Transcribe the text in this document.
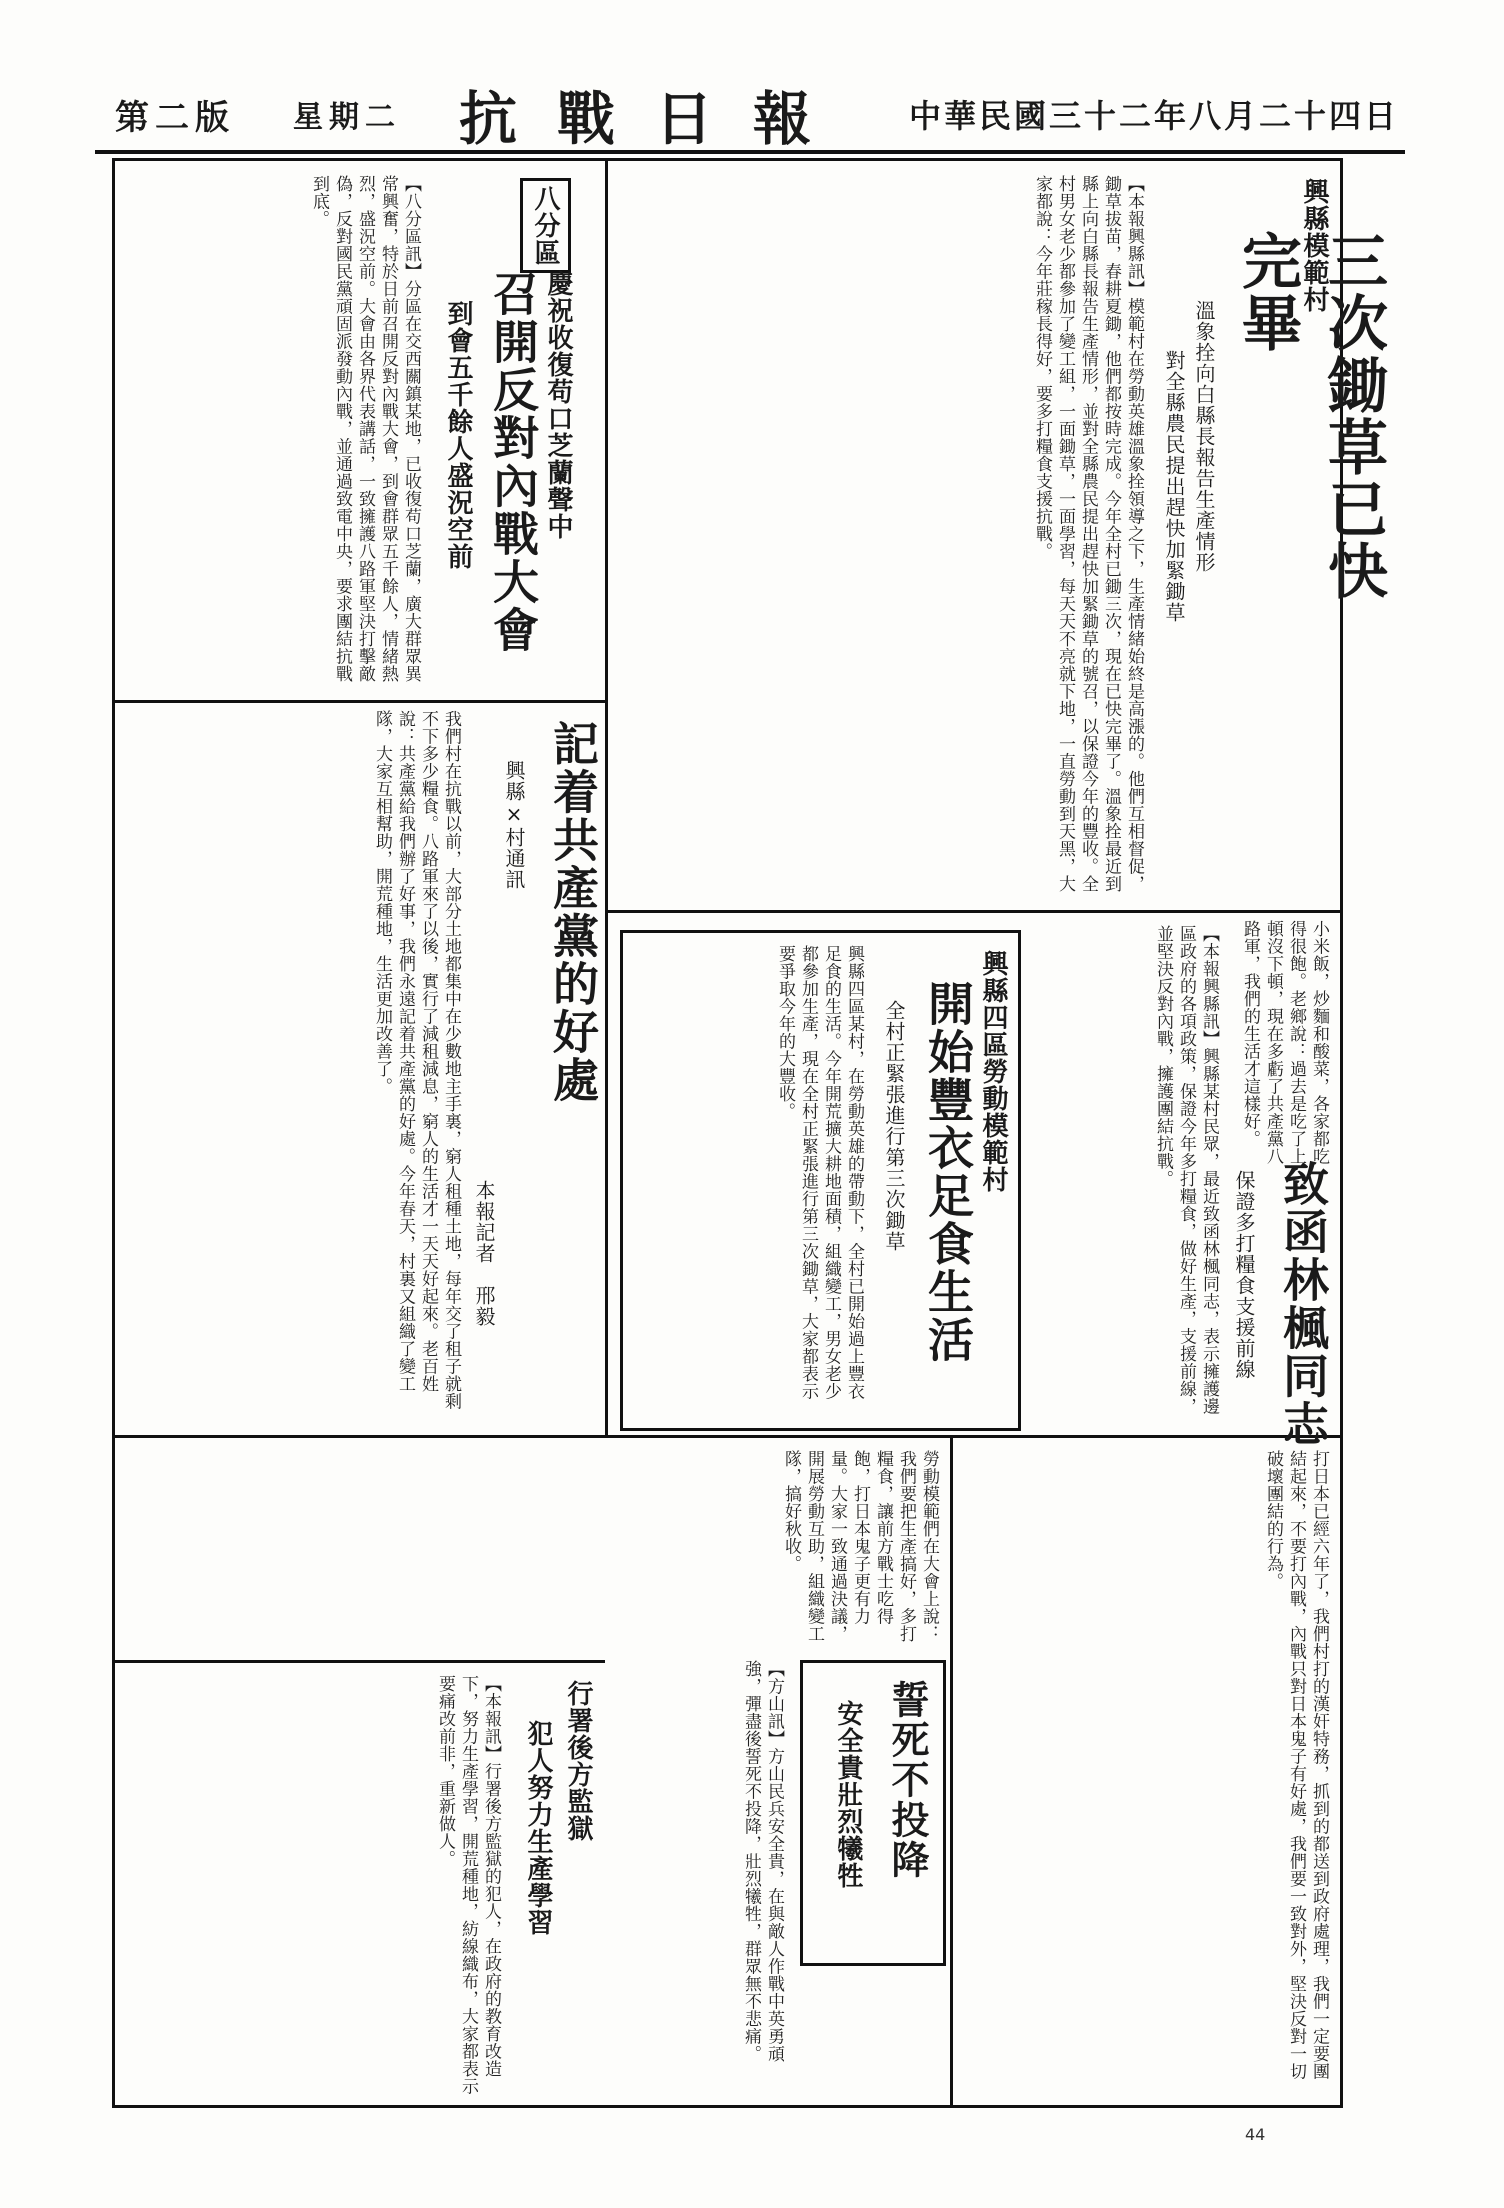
第二版 星期二 抗戰日報 中華民國三十二年八月二十四日
興縣模範村
三次鋤草已快完畢
溫象拴向白縣長報告生產情形
對全縣農民提出趕快加緊鋤草
【本報興縣訊】模範村在勞動英雄溫象拴領導之下，生產情緒始終是高漲的。他們互相督促，鋤草拔苗，春耕夏鋤，他們都按時完成。今年全村已鋤三次，現在已快完畢了。溫象拴最近到縣上向白縣長報告生產情形，並對全縣農民提出趕快加緊鋤草的號召，以保證今年的豐收。全村男女老少都參加了變工組，一面鋤草，一面學習，每天天不亮就下地，一直勞動到天黑，大家都說：今年莊稼長得好，要多打糧食支援抗戰。
八分區
慶祝收復苟口芝蘭聲中
召開反對內戰大會
到會五千餘人盛況空前
【八分區訊】分區在交西關鎮某地，已收復苟口芝蘭，廣大群眾異常興奮，特於日前召開反對內戰大會，到會群眾五千餘人，情緒熱烈，盛況空前。大會由各界代表講話，一致擁護八路軍堅決打擊敵偽，反對國民黨頑固派發動內戰，並通過致電中央，要求團結抗戰到底。
記着共產黨的好處
興縣×村通訊
本報記者　邢毅
我們村在抗戰以前，大部分土地都集中在少數地主手裏，窮人租種土地，每年交了租子就剩不下多少糧食。八路軍來了以後，實行了減租減息，窮人的生活才一天天好起來。老百姓說：共產黨給我們辦了好事，我們永遠記着共產黨的好處。今年春天，村裏又組織了變工隊，大家互相幫助，開荒種地，生活更加改善了。
致函林楓同志
保證多打糧食支援前線
【本報興縣訊】興縣某村民眾，最近致函林楓同志，表示擁護邊區政府的各項政策，保證今年多打糧食，做好生產，支援前線，並堅決反對內戰，擁護團結抗戰。
興縣四區勞動模範村
開始豐衣足食生活
全村正緊張進行第三次鋤草
興縣四區某村，在勞動英雄的帶動下，全村已開始過上豐衣足食的生活。今年開荒擴大耕地面積，組織變工，男女老少都參加生產，現在全村正緊張進行第三次鋤草，大家都表示要爭取今年的大豐收。	小米飯，炒麵和酸菜，各家都吃得很飽。老鄉說：過去是吃了上頓沒下頓，現在多虧了共產黨八路軍，我們的生活才這樣好。
打日本已經六年了，我們村打的漢奸特務，抓到的都送到政府處理，我們一定要團結起來，不要打內戰，內戰只對日本鬼子有好處，我們要一致對外，堅決反對一切破壞團結的行為。
誓死不投降
安全貴壯烈犧牲
【方山訊】方山民兵安全貴，在與敵人作戰中英勇頑強，彈盡後誓死不投降，壯烈犧牲，群眾無不悲痛。
勞動模範們在大會上說：我們要把生產搞好，多打糧食，讓前方戰士吃得飽，打日本鬼子更有力量。大家一致通過決議，開展勞動互助，組織變工隊，搞好秋收。
行署後方監獄
犯人努力生產學習
【本報訊】行署後方監獄的犯人，在政府的教育改造下，努力生產學習，開荒種地，紡線織布，大家都表示要痛改前非，重新做人。
44
